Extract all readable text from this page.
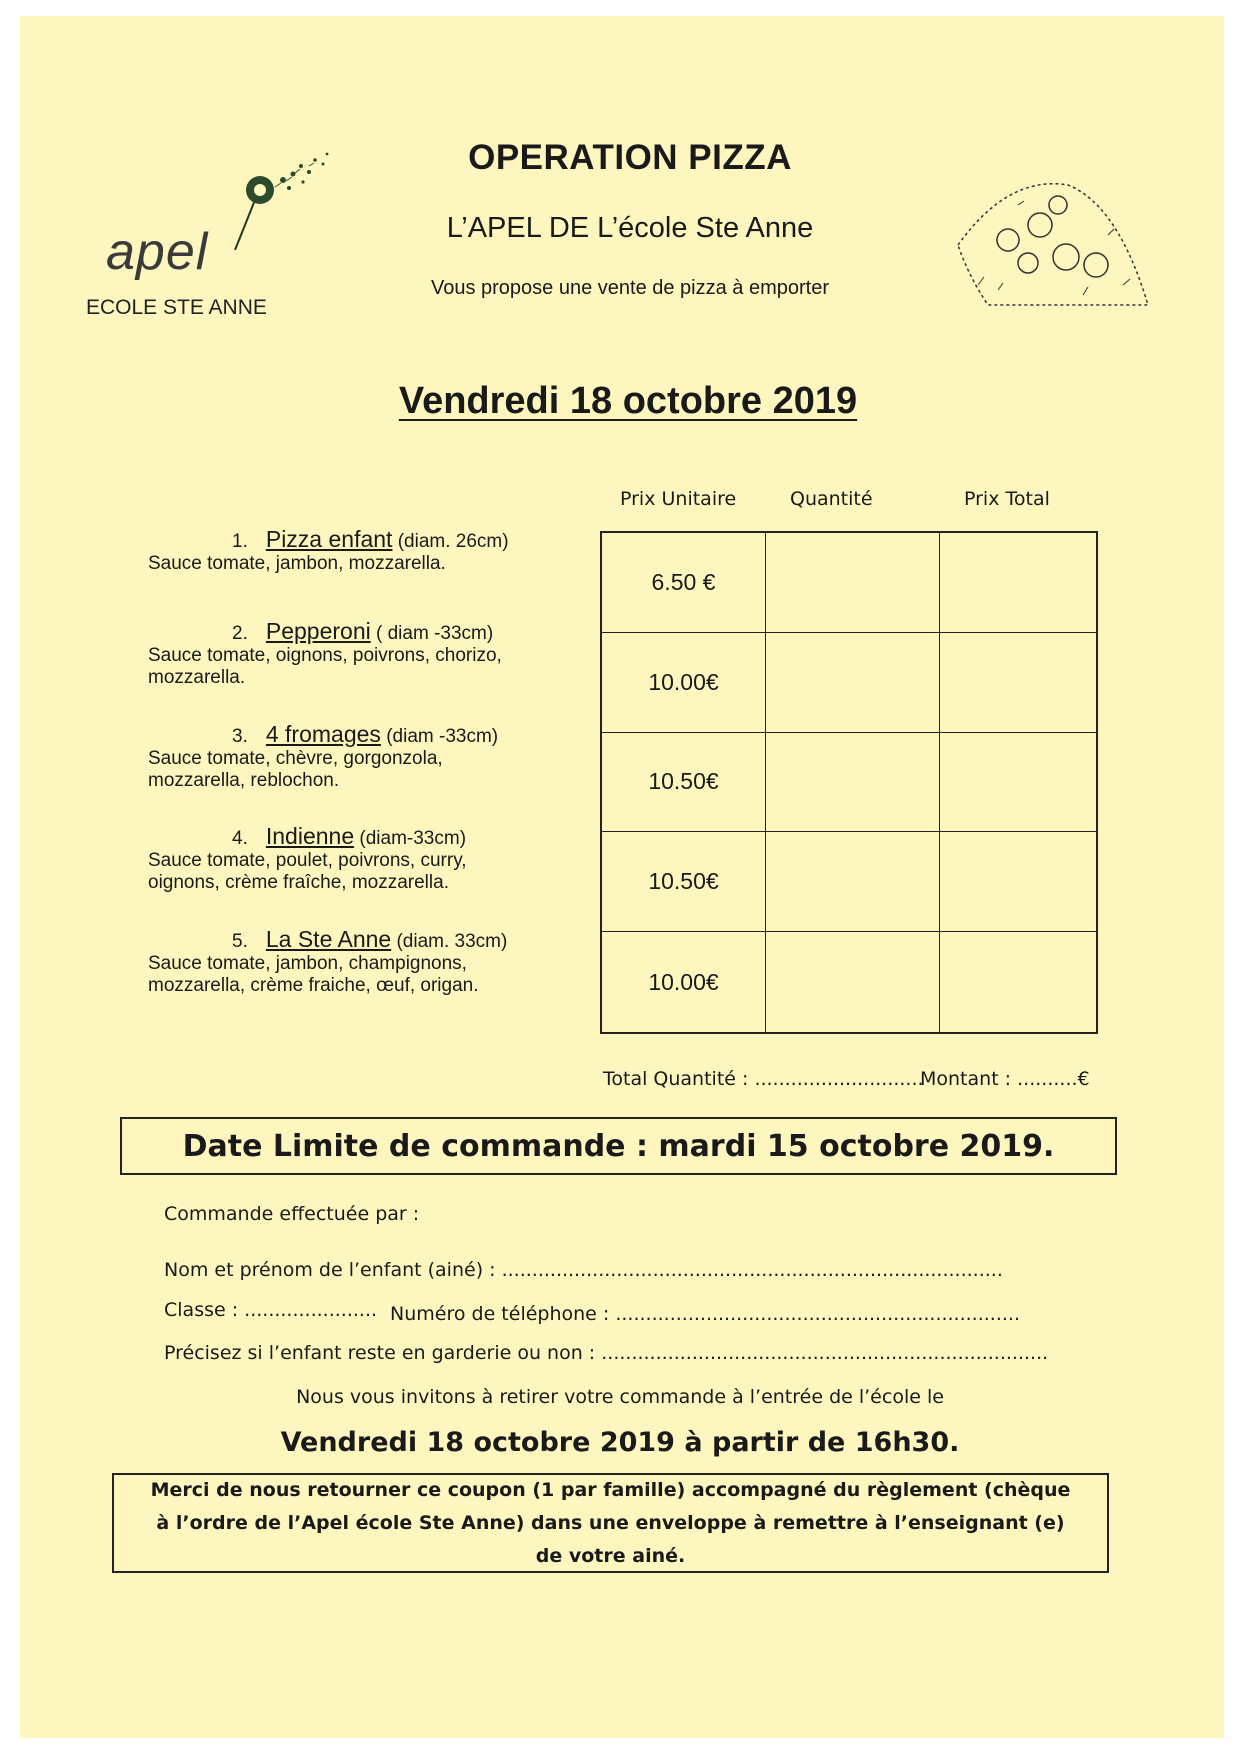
apel
ECOLE STE ANNE
OPERATION PIZZA
L’APEL DE L’école Ste Anne
Vous propose une vente de pizza à emporter
Vendredi 18 octobre 2019
Prix Unitaire	Quantité	Prix Total
1. Pizza enfant (diam. 26cm)
Sauce tomate, jambon, mozzarella.
2. Pepperoni ( diam -33cm)
Sauce tomate, oignons, poivrons, chorizo,
mozzarella.
3. 4 fromages (diam -33cm)
Sauce tomate, chèvre, gorgonzola,
mozzarella, reblochon.
4. Indienne (diam-33cm)
Sauce tomate, poulet, poivrons, curry,
oignons, crème fraîche, mozzarella.
5. La Ste Anne (diam. 33cm)
Sauce tomate, jambon, champignons,
mozzarella, crème fraiche, œuf, origan.
6.50 €
10.00€
10.50€
10.50€
10.00€
Total Quantité : ............................
Montant : ..........€
Date Limite de commande : mardi 15 octobre 2019.
Commande effectuée par :
Nom et prénom de l’enfant (ainé) : ...................................................................................
Classe : ...................... Numéro de téléphone : ...................................................................
Précisez si l’enfant reste en garderie ou non : ..........................................................................
Nous vous invitons à retirer votre commande à l’entrée de l’école le
Vendredi 18 octobre 2019 à partir de 16h30.
Merci de nous retourner ce coupon (1 par famille) accompagné du règlement (chèque à l’ordre de l’Apel école Ste Anne) dans une enveloppe à remettre à l’enseignant (e) de votre ainé.
